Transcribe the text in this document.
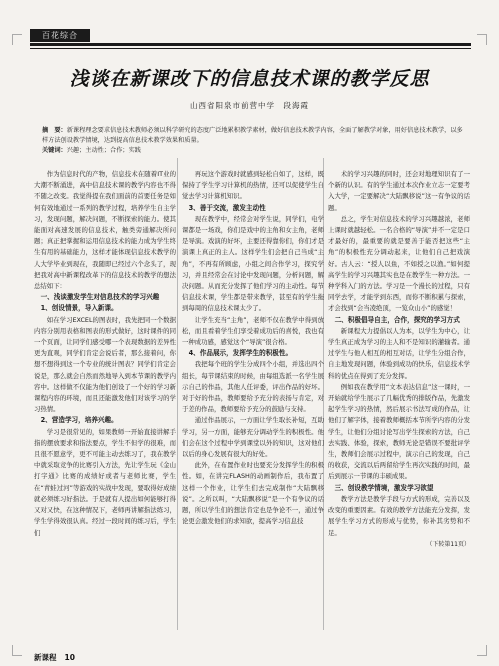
百花综合
浅谈在新课改下的信息技术课的教学反思
山西省阳泉市前营中学　段海霞
摘　要：新课程理念要求信息技术教师必须以科学研究的态度广泛地累积教学素材，做好信息技术教学内容，全面了解教学对象，用好信息技术教学，以多样方法创设教学情境，达到提高信息技术教学效果和质量。
关键词：兴趣；主动性；合作；实践

作为信息时代的产物，信息技术在随着IT业的大潮不断涌进，高中信息技术课的教学内容也不得不随之改变。我觉得提在我们面前的首要任务是如何有效地通过一系列的教学过程，培养学生自主学习，发现问题，解决问题，不断探索的能力。使其能面对高速发展的信息技术，触类旁通解决所问题；真正把掌握和运用信息技术的能力成为学生终生有用的基础能力，这样才能体现信息技术教学的人大学毕业到现在，我随即已经过六个念头了，现把我对高中新课程改革下的信息技术的教学的想法总结如下：

一、浅谈激发学生对信息技术的学习兴趣
1、创设情景，导入新课。

如在学习EXCEL的图表时，我先把同一个数据内容分别用表格和图表的形式做好，这时课件的同一个页面，让同学们感受哪一个表现数据的差异性更为直观，同学们肯定会说后者，那么接着问，你想不想得到这一个专业的统计图表？同学们肯定会说是，那么就会自然而然地导入到本节课的教学内容中。这样做不仅能为他们创设了一个好的学习新课程内容的环境，而且还能激发他们对该学习的学习热情。

2、营造学习，培养兴趣。

学习是很常见的，如果教师一开始直接讲解手指的摆放要求和指法要点，学生不但学的很难，而且很不愿意学，更不可能主动去练习了，我在教学中就采取竞争的比赛引入方法，先让学生玩《金山打字通》比赛的成绩好或者与老师比赛，学生在“青蛙过河”等游戏的实战中发现，要取得好成绩就必须练习好指法。于是就有人提出如何能够打得又对又快，在这种情况下，老师再讲解指法练习，学生学得效很认真。经过一段时间的练习后，学生们

再玩这个游戏时就感到轻松自如了，这样，既保持了学生学习计算机的热情，还可以促使学生自觉去学习计算机知识。

3、善于交流，激发主动性

现在教学中，经常会对学生说，同学们，电学课都是一场戏，你们是戏中的主角和女主角，老师是导演。戏演的好坏，主要还得靠你们，你们才是演课上真正的主人。这样学生们会把自己当成“主角”，不再有所顾虑，小组之间合作学习，探究学习，并且经常会在讨论中发现问题，分析问题，解决问题。从而充分发挥了他们学习的主动性。每节信息技术课，学生都是带来教学，甚至有的学生拖到每周的信息技术课太少了。

让学生充当“主角”，老师不仅在教学中得到放松，而且看着学生们享受着成功后的喜悦，我也有一种成功感，感觉这个“导演”很合格。

4、作品展示，发挥学生的积极性。

我把每个班的学生分成四个小组，并选出四个组长，每节课结束的时候，由每组选派一名学生展示自己的作品，其他人任评委，评出作品的好坏。对于好的作品，教师要给予充分的表扬与肯定，对于差的作品，教师要给予充分的鼓励与支持。

通过作品展示，一方面让学生取长补短，互助学习，另一方面，能够充分调动学生的积极性。他们会在这个过程中学到课堂以外的知识，这对他们以后的身心发展有很大的好处。

此外，在布置作业时也要充分发挥学生的积极性。如，在讲完FLASH的动画制作后，我布置了这样一个作业，让学生们去完成制作“大陆飘移说”。之所以叫，“大陆飘移说”是一个有争议的话题，所以学生们的想法肯定也是争论不一，通过争论更会激发他们的求知欲，提高学习信息技

术的学习兴趣的同时，还会对地理知识有了一个新的认识。有的学生通过本次作业立志一定要考入大学，一定要解决“大陆飘移说”这一有争议的话题。

总之，学生对信息技术的学习兴趣越浓，老师上课时就越轻松。一名合格的“导演”并不一定是口才最好的，最重要的就是要善于能否把这些“主角”的积极性充分调动起来，让他们自己把戏演好。古人云：“授人以鱼，不如授之以渔。”如何提高学生的学习兴趣其实也是在教学生一种方法。一种学科入门的方法。学习是一个漫长的过程，只有同学去学，才能学到东西，而你不断积累与探索，才会找到“会当凌绝顶，一览众山小”的感觉！

二、积极倡导自主，合作，探究的学习方式

新课程大力提倡以人为本，以学生为中心，让学生真正成为学习的主人和不是知识的灌输者。通过学生与他人相互的相互对话，让学生分组合作，自主地发现问题，体验到成功的快乐，信息技术学科的优点在得到了充分发挥。

例如我在教学用“文本表达信息”这一课时，一开始就给学生展示了几幅优秀的排版作品，先激发起学生学习的热情，然后展示书法写成的作品，让他们了解字体，接着教师概括本节所学内容的分发学生，让他们分组讨论写出学生探索的方法，自己去实践、体验，探索，教师无论是错误不要批评学生，教师们会展示过程中，演示自己的发现，自己的收获，交流以后两留给学生再次实践的时间，最后到展示一节课的丰硕成果。

三、创设教学情境，激发学习欲望

教学方法是教学手段与方式的形成，完善以及改变的重要因素。有效的教学方法能充分发挥，发展学生学习方式的形成与优势，你补其劣势和不足。

（下转第11页）

新课程 10
